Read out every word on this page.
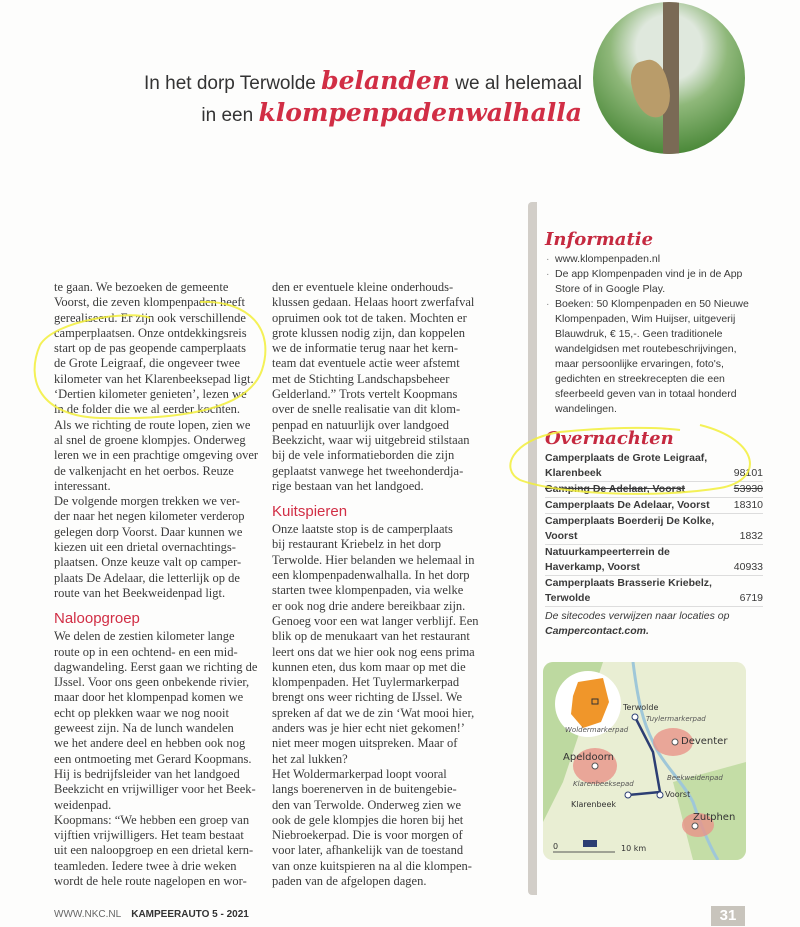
In het dorp Terwolde belanden we al helemaal
in een klompenpadenwalhalla
te gaan. We bezoeken de gemeente
Voorst, die zeven klompenpaden heeft
gerealiseerd. Er zijn ook verschillende
camperplaatsen. Onze ontdekkingsreis
start op de pas geopende camperplaats
de Grote Leigraaf, die ongeveer twee
kilometer van het Klarenbeeksepad ligt.
‘Dertien kilometer genieten’, lezen we
in de folder die we al eerder kochten.
Als we richting de route lopen, zien we
al snel de groene klompjes. Onderweg
leren we in een prachtige omgeving over
de valkenjacht en het oerbos. Reuze
interessant.
De volgende morgen trekken we ver-
der naar het negen kilometer verderop
gelegen dorp Voorst. Daar kunnen we
kiezen uit een drietal overnachtings-
plaatsen. Onze keuze valt op camper-
plaats De Adelaar, die letterlijk op de
route van het Beekweidenpad ligt.
Naloopgroep
We delen de zestien kilometer lange
route op in een ochtend- en een mid-
dagwandeling. Eerst gaan we richting de
IJssel. Voor ons geen onbekende rivier,
maar door het klompenpad komen we
echt op plekken waar we nog nooit
geweest zijn. Na de lunch wandelen
we het andere deel en hebben ook nog
een ontmoeting met Gerard Koopmans.
Hij is bedrijfsleider van het landgoed
Beekzicht en vrijwilliger voor het Beek-
weidenpad.
Koopmans: “We hebben een groep van
vijftien vrijwilligers. Het team bestaat
uit een naloopgroep en een drietal kern-
teamleden. Iedere twee à drie weken
wordt de hele route nagelopen en wor-
den er eventuele kleine onderhouds-
klussen gedaan. Helaas hoort zwerfafval
opruimen ook tot de taken. Mochten er
grote klussen nodig zijn, dan koppelen
we de informatie terug naar het kern-
team dat eventuele actie weer afstemt
met de Stichting Landschapsbeheer
Gelderland.” Trots vertelt Koopmans
over de snelle realisatie van dit klom-
penpad en natuurlijk over landgoed
Beekzicht, waar wij uitgebreid stilstaan
bij de vele informatieborden die zijn
geplaatst vanwege het tweehonderdja-
rige bestaan van het landgoed.
Kuitspieren
Onze laatste stop is de camperplaats
bij restaurant Kriebelz in het dorp
Terwolde. Hier belanden we helemaal in
een klompenpadenwalhalla. In het dorp
starten twee klompenpaden, via welke
er ook nog drie andere bereikbaar zijn.
Genoeg voor een wat langer verblijf. Een
blik op de menukaart van het restaurant
leert ons dat we hier ook nog eens prima
kunnen eten, dus kom maar op met die
klompenpaden. Het Tuylermarkerpad
brengt ons weer richting de IJssel. We
spreken af dat we de zin ‘Wat mooi hier,
anders was je hier echt niet gekomen!’
niet meer mogen uitspreken. Maar of
het zal lukken?
Het Woldermarkerpad loopt vooral
langs boerenerven in de buitengebie-
den van Terwolde. Onderweg zien we
ook de gele klompjes die horen bij het
Niebroekerpad. Die is voor morgen of
voor later, afhankelijk van de toestand
van onze kuitspieren na al die klompen-
paden van de afgelopen dagen.
Informatie
· www.klompenpaden.nl
· De app Klompenpaden vind je in de App Store of in Google Play.
· Boeken: 50 Klompenpaden en 50 Nieuwe Klompenpaden, Wim Huijser, uitgeverij Blauwdruk, € 15,-. Geen traditionele wandelgidsen met routebeschrijvingen, maar persoonlijke ervaringen, foto's, gedichten en streekrecepten die een sfeerbeeld geven van in totaal honderd wandelingen.
Overnachten
Camperplaats de Grote Leigraaf, Klarenbeek	98101
Camping De Adelaar, Voorst	53930
Camperplaats De Adelaar, Voorst	18310
Camperplaats Boerderij De Kolke, Voorst	1832
Natuurkampeerterrein de Haverkamp, Voorst	40933
Camperplaats Brasserie Kriebelz, Terwolde	6719
De sitecodes verwijzen naar locaties op
Campercontact.com.
Terwolde
Tuylermarkerpad
Woldermarkerpad
Deventer
Apeldoorn
Klarenbeeksepad
Beekweidenpad
Voorst
Klarenbeek
Zutphen
0	10 km
WWW.NKC.NL KAMPEERAUTO 5 - 2021	31
